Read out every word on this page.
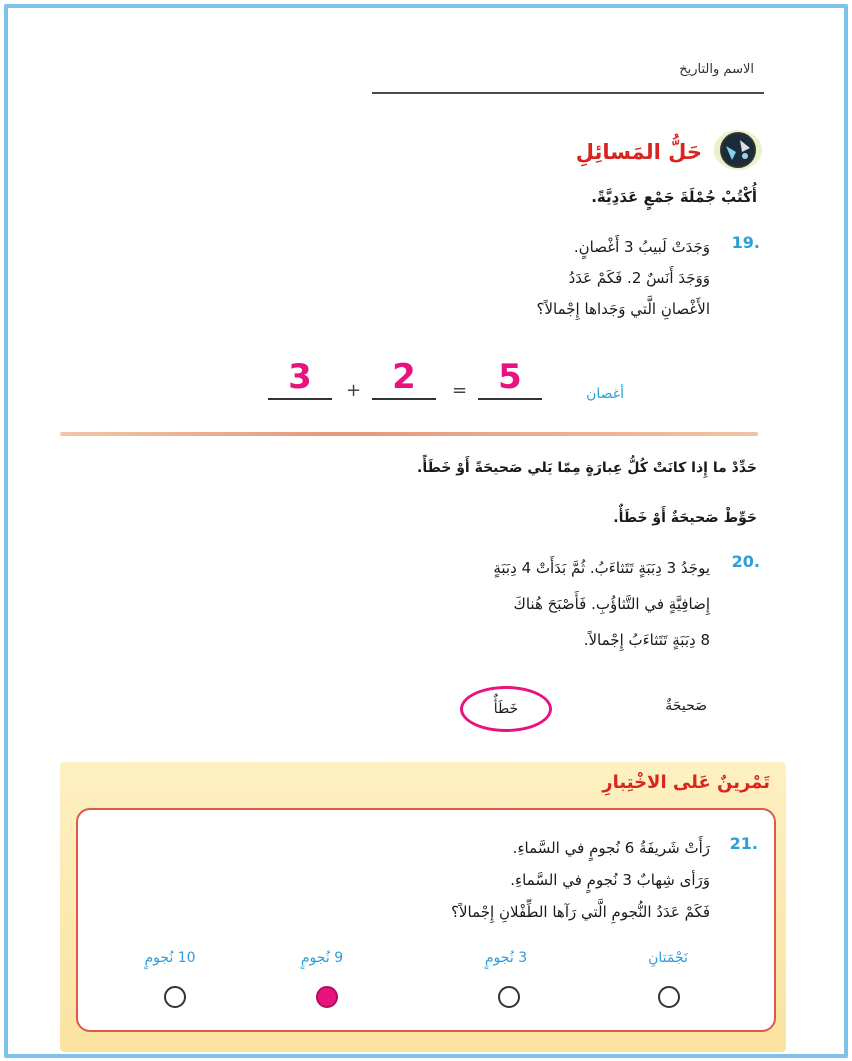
الاسم والتاريخ
حَلُّ المَسائِلِ
أُكْتُبْ جُمْلَةَ جَمْعٍ عَدَدِيَّةً.
19.
وَجَدَتْ لَبيبُ 3 أَغْصانٍ.
وَوَجَدَ أَنَسٌ 2. فَكَمْ عَدَدُ
الأَغْصانِ الَّتي وَجَداها إِجْمالاً؟
3	+ 2	= 5	أغصان
حَدِّدْ ما إِذا كانَتْ كُلُّ عِبارَةٍ مِمّا يَلي صَحيحَةً أَوْ خَطَأً.
حَوِّطْ صَحيحَةٌ أَوْ خَطَأٌ.
20.
يوجَدُ 3 دِبَبَةٍ تَتَثاءَبُ. ثُمَّ بَدَأَتْ 4 دِبَبَةٍ
إِضافِيَّةٍ في التَّثاؤُبِ. فَأَصْبَحَ هُناكَ
8 دِبَبَةٍ تَتَثاءَبُ إِجْمالاً.
صَحيحَةٌ
خَطَأٌ
تَمْرينٌ عَلى الاخْتِبارِ
21.
رَأَتْ شَريفَةُ 6 نُجومٍ في السَّماءِ.
وَرَأى شِهابٌ 3 نُجومٍ في السَّماءِ.
فَكَمْ عَدَدُ النُّجومِ الَّتي رَآها الطِّفْلانِ إِجْمالاً؟
10 نُجومٍ	9 نُجومٍ	3 نُجومٍ	نَجْمَتانِ
